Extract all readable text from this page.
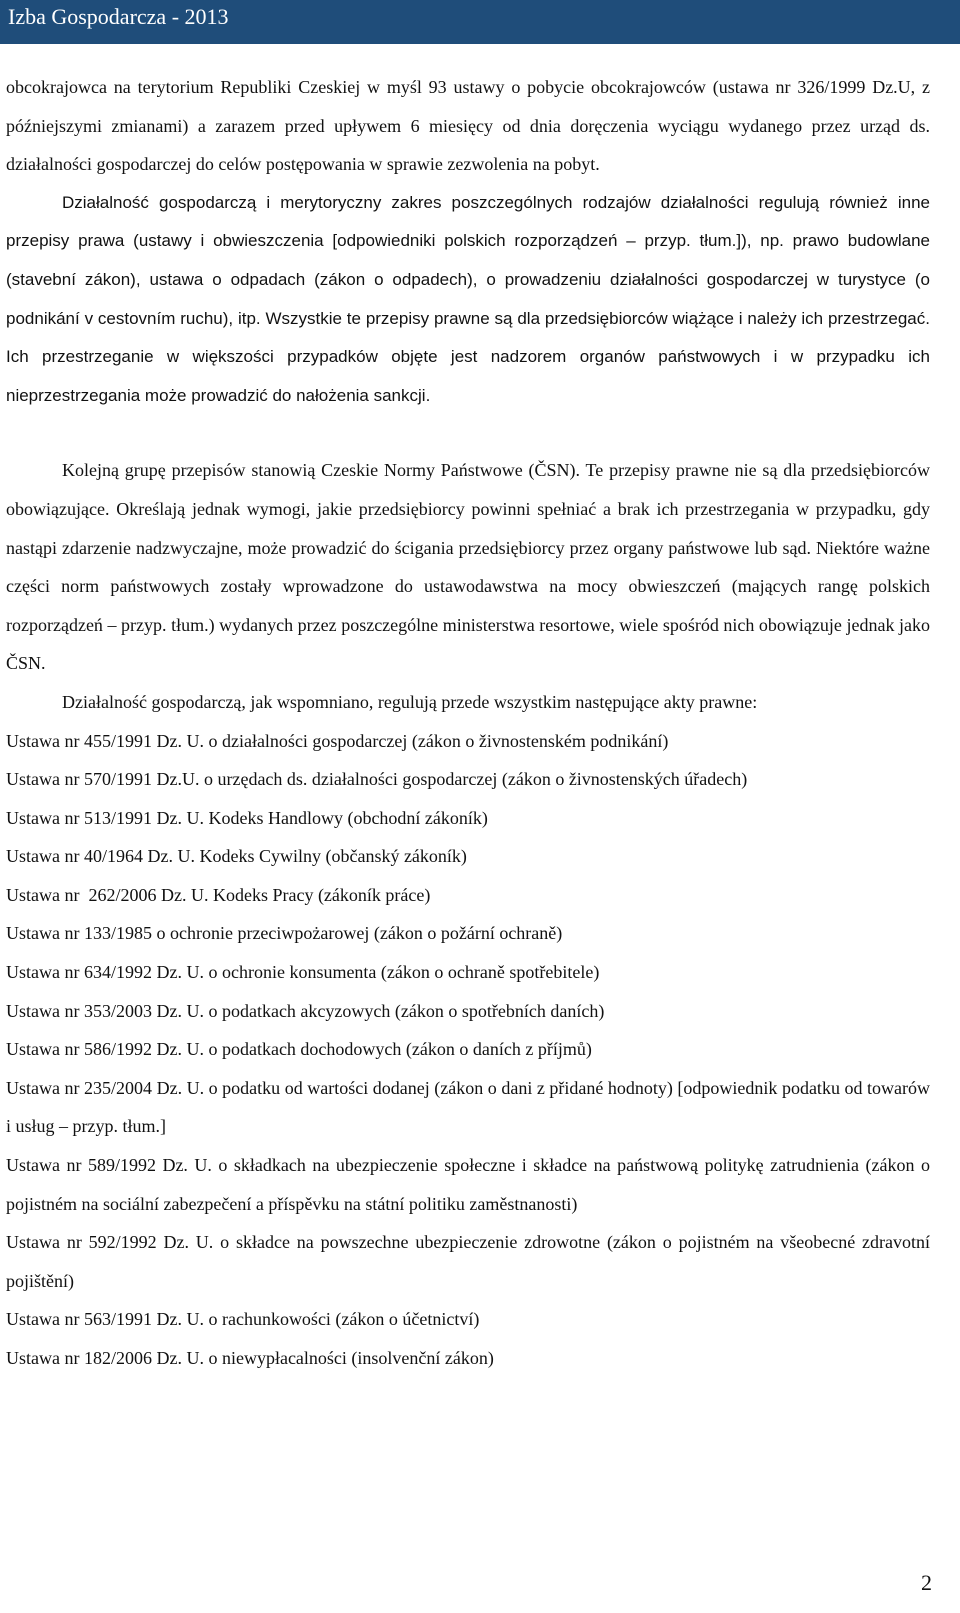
Izba Gospodarcza - 2013

obcokrajowca na terytorium Republiki Czeskiej w myśl 93 ustawy o pobycie obcokrajowców (ustawa nr 326/1999 Dz.U, z późniejszymi zmianami) a zarazem przed upływem 6 miesięcy od dnia doręczenia wyciągu wydanego przez urząd ds. działalności gospodarczej do celów postępowania w sprawie zezwolenia na pobyt.

Działalność gospodarczą i merytoryczny zakres poszczególnych rodzajów działalności regulują również inne przepisy prawa (ustawy i obwieszczenia [odpowiedniki polskich rozporządzeń – przyp. tłum.]), np. prawo budowlane (stavební zákon), ustawa o odpadach (zákon o odpadech), o prowadzeniu działalności gospodarczej w turystyce (o podnikání v cestovním ruchu), itp. Wszystkie te przepisy prawne są dla przedsiębiorców wiążące i należy ich przestrzegać. Ich przestrzeganie w większości przypadków objęte jest nadzorem organów państwowych i w przypadku ich nieprzestrzegania może prowadzić do nałożenia sankcji.

Kolejną grupę przepisów stanowią Czeskie Normy Państwowe (ČSN). Te przepisy prawne nie są dla przedsiębiorców obowiązujące. Określają jednak wymogi, jakie przedsiębiorcy powinni spełniać a brak ich przestrzegania w przypadku, gdy nastąpi zdarzenie nadzwyczajne, może prowadzić do ścigania przedsiębiorcy przez organy państwowe lub sąd. Niektóre ważne części norm państwowych zostały wprowadzone do ustawodawstwa na mocy obwieszczeń (mających rangę polskich rozporządzeń – przyp. tłum.) wydanych przez poszczególne ministerstwa resortowe, wiele spośród nich obowiązuje jednak jako ČSN.

Działalność gospodarczą, jak wspomniano, regulują przede wszystkim następujące akty prawne:

Ustawa nr 455/1991 Dz. U. o działalności gospodarczej (zákon o živnostenském podnikání)
Ustawa nr 570/1991 Dz.U. o urzędach ds. działalności gospodarczej (zákon o živnostenských úřadech)
Ustawa nr 513/1991 Dz. U. Kodeks Handlowy (obchodní zákoník)
Ustawa nr 40/1964 Dz. U. Kodeks Cywilny (občanský zákoník)
Ustawa nr  262/2006 Dz. U. Kodeks Pracy (zákoník práce)
Ustawa nr 133/1985 o ochronie przeciwpożarowej (zákon o požární ochraně)
Ustawa nr 634/1992 Dz. U. o ochronie konsumenta (zákon o ochraně spotřebitele)
Ustawa nr 353/2003 Dz. U. o podatkach akcyzowych (zákon o spotřebních daních)
Ustawa nr 586/1992 Dz. U. o podatkach dochodowych (zákon o daních z příjmů)
Ustawa nr 235/2004 Dz. U. o podatku od wartości dodanej (zákon o dani z přidané hodnoty) [odpowiednik podatku od towarów i usług – przyp. tłum.]
Ustawa nr 589/1992 Dz. U. o składkach na ubezpieczenie społeczne i składce na państwową politykę zatrudnienia (zákon o pojistném na sociální zabezpečení a příspěvku na státní politiku zaměstnanosti)
Ustawa nr 592/1992 Dz. U. o składce na powszechne ubezpieczenie zdrowotne (zákon o pojistném na všeobecné zdravotní pojištění)
Ustawa nr 563/1991 Dz. U. o rachunkowości (zákon o účetnictví)
Ustawa nr 182/2006 Dz. U. o niewypłacalności (insolvenční zákon)
2
